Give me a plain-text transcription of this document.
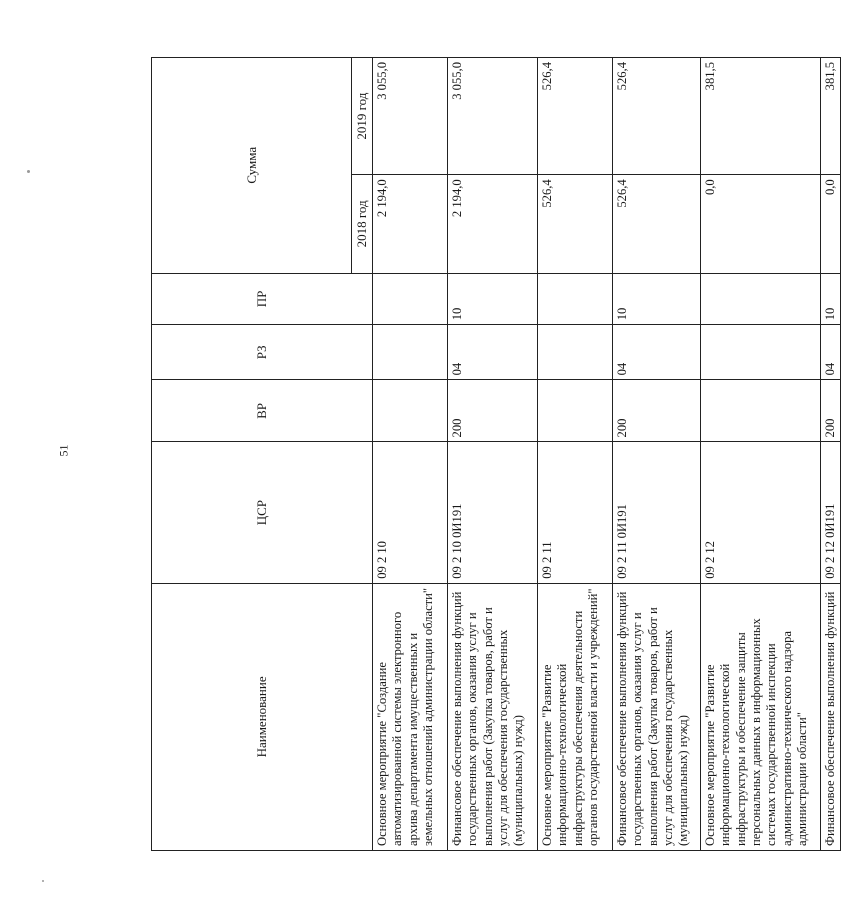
51
Наименование	ЦСР	ВР	РЗ	ПР	Сумма	
					2018 год	2019 год
Основное мероприятие "Создание автоматизированной системы электронного архива департамента имущественных и земельных отношений администрации области"	09 2 10				2 194,0	3 055,0
Финансовое обеспечение выполнения функций государственных органов, оказания услуг и выполнения работ (Закупка товаров, работ и услуг для обеспечения государственных (муниципальных) нужд)	09 2 10 0И191	200	04	10	2 194,0	3 055,0
Основное мероприятие "Развитие информационно-технологической инфраструктуры обеспечения деятельности органов государственной власти и учреждений"	09 2 11				526,4	526,4
Финансовое обеспечение выполнения функций государственных органов, оказания услуг и выполнения работ (Закупка товаров, работ и услуг для обеспечения государственных (муниципальных) нужд)	09 2 11 0И191	200	04	10	526,4	526,4
Основное мероприятие "Развитие информационно-технологической инфраструктуры и обеспечение защиты персональных данных в информационных системах государственной инспекции административно-технического надзора администрации области"	09 2 12				0,0	381,5
Финансовое обеспечение выполнения функций	09 2 12 0И191	200	04	10	0,0	381,5
